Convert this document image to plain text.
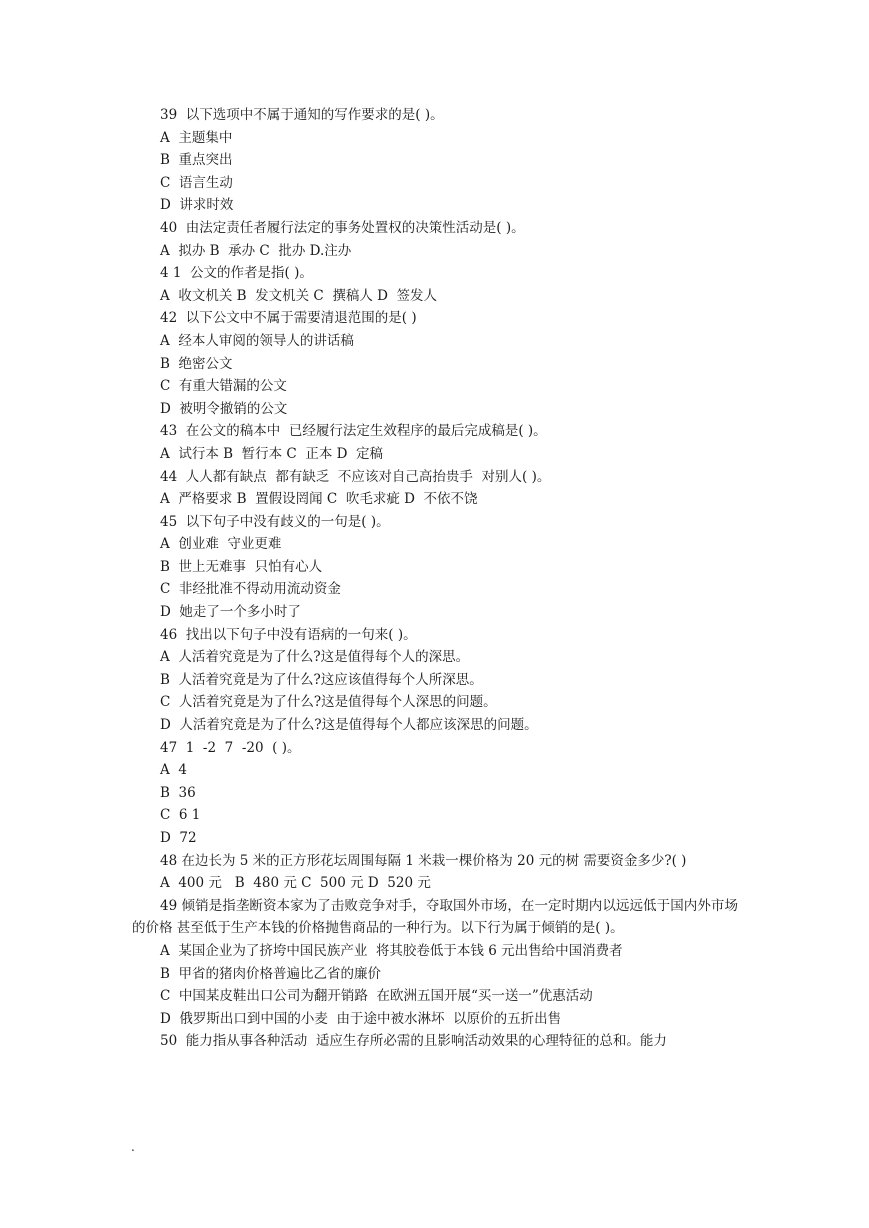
39  以下选项中不属于通知的写作要求的是( )。
A  主题集中
B  重点突出
C  语言生动
D  讲求时效
40  由法定责任者履行法定的事务处置权的决策性活动是( )。
A  拟办 B  承办 C  批办 D.注办
4 1  公文的作者是指( )。
A  收文机关 B  发文机关 C  撰稿人 D  签发人
42  以下公文中不属于需要清退范围的是( )
A  经本人审阅的领导人的讲话稿
B  绝密公文
C  有重大错漏的公文
D  被明令撤销的公文
43  在公文的稿本中  已经履行法定生效程序的最后完成稿是( )。
A  试行本 B  暂行本 C  正本 D  定稿
44  人人都有缺点  都有缺乏  不应该对自己高抬贵手  对别人( )。
A  严格要求 B  置假设罔闻 C  吹毛求疵 D  不依不饶
45  以下句子中没有歧义的一句是( )。
A  创业难  守业更难
B  世上无难事  只怕有心人
C  非经批准不得动用流动资金
D  她走了一个多小时了
46  找出以下句子中没有语病的一句来( )。
A  人活着究竟是为了什么?这是值得每个人的深思。
B  人活着究竟是为了什么?这应该值得每个人所深思。
C  人活着究竟是为了什么?这是值得每个人深思的问题。
D  人活着究竟是为了什么?这是值得每个人都应该深思的问题。
47  1  -2  7  -20  ( )。
A  4
B  36
C  6 1
D  72
48 在边长为 5 米的正方形花坛周围每隔 1 米栽一棵价格为 20 元的树 需要资金多少?( )
A  400 元   B  480 元 C  500 元 D  520 元
49 倾销是指垄断资本家为了击败竞争对手，夺取国外市场，在一定时期内以远远低于国内外市场的价格 甚至低于生产本钱的价格抛售商品的一种行为。以下行为属于倾销的是( )。
A  某国企业为了挤垮中国民族产业  将其胶卷低于本钱 6 元出售给中国消费者
B  甲省的猪肉价格普遍比乙省的廉价
C  中国某皮鞋出口公司为翻开销路  在欧洲五国开展“买一送一”优惠活动
D  俄罗斯出口到中国的小麦  由于途中被水淋坏  以原价的五折出售
50  能力指从事各种活动  适应生存所必需的且影响活动效果的心理特征的总和。能力
.
